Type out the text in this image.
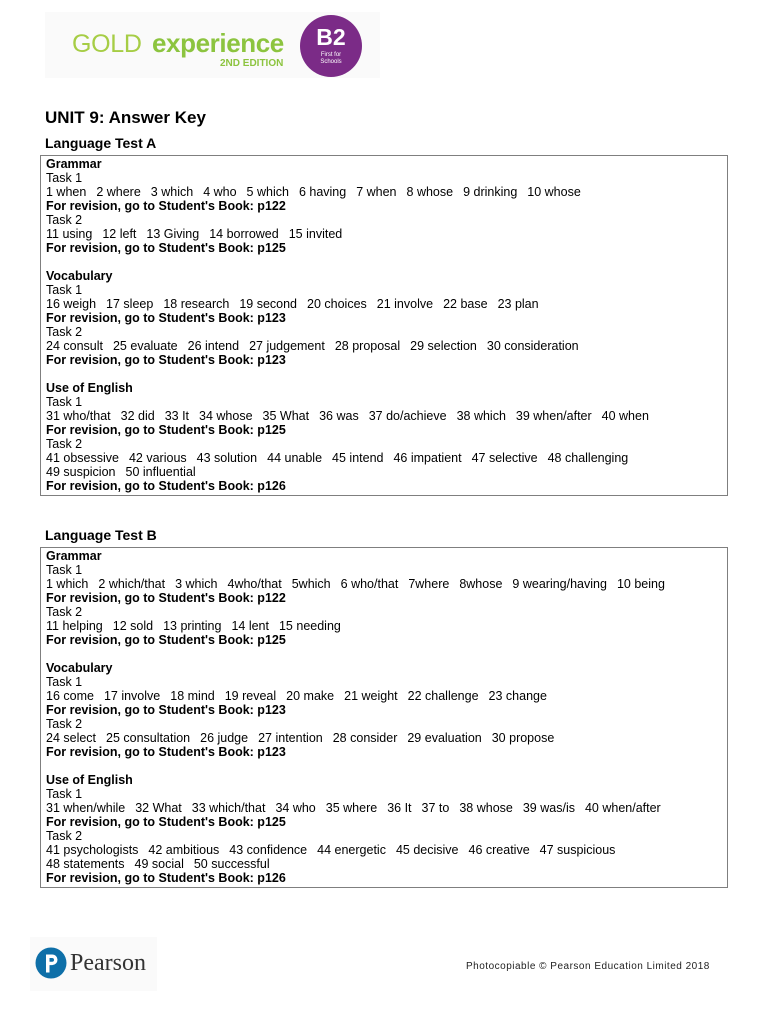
GOLD experience
2ND EDITION
B2
First for
Schools
UNIT 9: Answer Key
Language Test A
Grammar
Task 1
1 when 2 where 3 which 4 who 5 which 6 having 7 when 8 whose 9 drinking 10 whose
For revision, go to Student's Book: p122
Task 2
11 using 12 left 13 Giving 14 borrowed 15 invited
For revision, go to Student's Book: p125
Vocabulary
Task 1
16 weigh 17 sleep 18 research 19 second 20 choices 21 involve 22 base 23 plan
For revision, go to Student's Book: p123
Task 2
24 consult 25 evaluate 26 intend 27 judgement 28 proposal 29 selection 30 consideration
For revision, go to Student's Book: p123
Use of English
Task 1
31 who/that 32 did 33 It 34 whose 35 What 36 was 37 do/achieve 38 which 39 when/after 40 when
For revision, go to Student's Book: p125
Task 2
41 obsessive 42 various 43 solution 44 unable 45 intend 46 impatient 47 selective 48 challenging
49 suspicion 50 influential
For revision, go to Student's Book: p126
Language Test B
Grammar
Task 1
1 which 2 which/that 3 which 4who/that 5which 6 who/that 7where 8whose 9 wearing/having 10 being
For revision, go to Student's Book: p122
Task 2
11 helping 12 sold 13 printing 14 lent 15 needing
For revision, go to Student's Book: p125
Vocabulary
Task 1
16 come 17 involve 18 mind 19 reveal 20 make 21 weight 22 challenge 23 change
For revision, go to Student's Book: p123
Task 2
24 select 25 consultation 26 judge 27 intention 28 consider 29 evaluation 30 propose
For revision, go to Student's Book: p123
Use of English
Task 1
31 when/while 32 What 33 which/that 34 who 35 where 36 It 37 to 38 whose 39 was/is 40 when/after
For revision, go to Student's Book: p125
Task 2
41 psychologists 42 ambitious 43 confidence 44 energetic 45 decisive 46 creative 47 suspicious
48 statements 49 social 50 successful
For revision, go to Student's Book: p126
Pearson	Photocopiable © Pearson Education Limited 2018
